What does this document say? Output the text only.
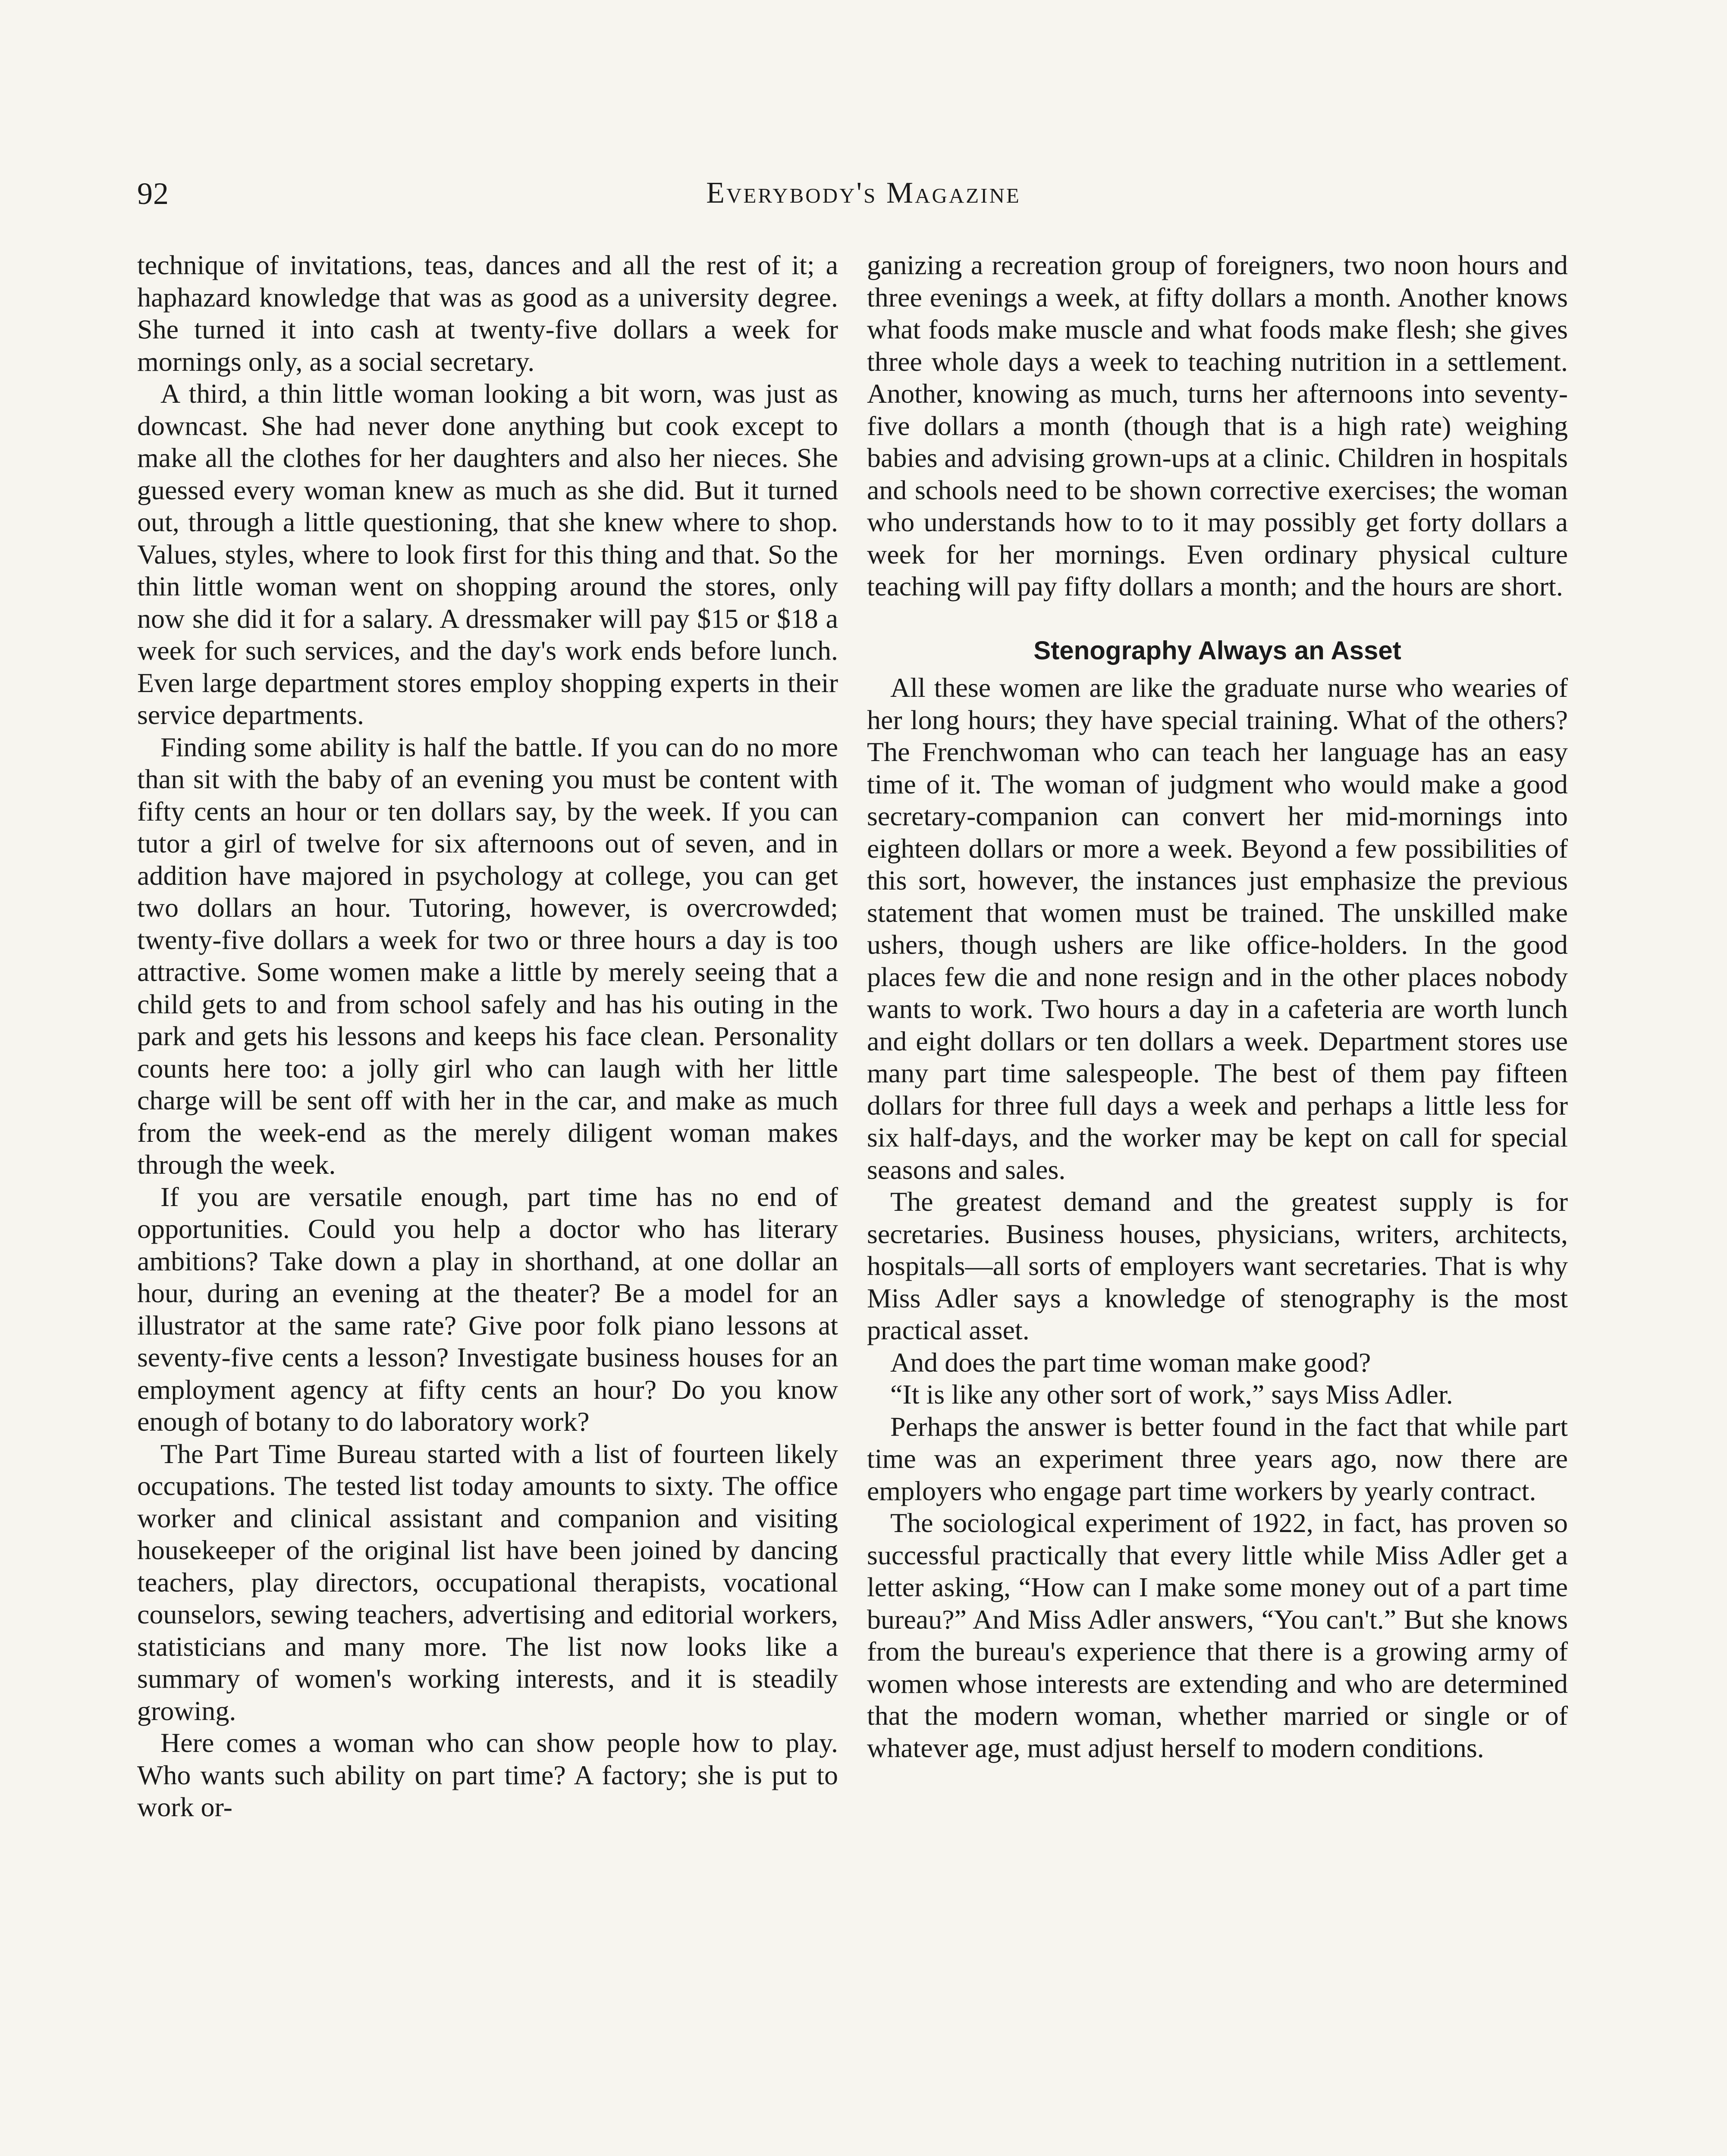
92	Everybody's Magazine

technique of invitations, teas, dances and all the rest of it; a haphazard knowledge that was as good as a university degree. She turned it into cash at twenty-five dollars a week for mornings only, as a social secretary.

A third, a thin little woman looking a bit worn, was just as downcast. She had never done anything but cook except to make all the clothes for her daughters and also her nieces. She guessed every woman knew as much as she did. But it turned out, through a little questioning, that she knew where to shop. Values, styles, where to look first for this thing and that. So the thin little woman went on shopping around the stores, only now she did it for a salary. A dressmaker will pay $15 or $18 a week for such services, and the day's work ends before lunch. Even large department stores employ shopping experts in their service departments.

Finding some ability is half the battle. If you can do no more than sit with the baby of an evening you must be content with fifty cents an hour or ten dollars say, by the week. If you can tutor a girl of twelve for six afternoons out of seven, and in addition have majored in psychology at college, you can get two dollars an hour. Tutoring, however, is overcrowded; twenty-five dollars a week for two or three hours a day is too attractive. Some women make a little by merely seeing that a child gets to and from school safely and has his outing in the park and gets his lessons and keeps his face clean. Personality counts here too: a jolly girl who can laugh with her little charge will be sent off with her in the car, and make as much from the week-end as the merely diligent woman makes through the week.

If you are versatile enough, part time has no end of opportunities. Could you help a doctor who has literary ambitions? Take down a play in shorthand, at one dollar an hour, during an evening at the theater? Be a model for an illustrator at the same rate? Give poor folk piano lessons at seventy-five cents a lesson? Investigate business houses for an employment agency at fifty cents an hour? Do you know enough of botany to do laboratory work?

The Part Time Bureau started with a list of fourteen likely occupations. The tested list today amounts to sixty. The office worker and clinical assistant and companion and visiting housekeeper of the original list have been joined by dancing teachers, play directors, occupational therapists, vocational counselors, sewing teachers, advertising and editorial workers, statisticians and many more. The list now looks like a summary of women's working interests, and it is steadily growing.

Here comes a woman who can show people how to play. Who wants such ability on part time? A factory; she is put to work or-

ganizing a recreation group of foreigners, two noon hours and three evenings a week, at fifty dollars a month. Another knows what foods make muscle and what foods make flesh; she gives three whole days a week to teaching nutrition in a settlement. Another, knowing as much, turns her afternoons into seventy-five dollars a month (though that is a high rate) weighing babies and advising grown-ups at a clinic. Children in hospitals and schools need to be shown corrective exercises; the woman who understands how to to it may possibly get forty dollars a week for her mornings. Even ordinary physical culture teaching will pay fifty dollars a month; and the hours are short.

Stenography Always an Asset

All these women are like the graduate nurse who wearies of her long hours; they have special training. What of the others? The Frenchwoman who can teach her language has an easy time of it. The woman of judgment who would make a good secretary-companion can convert her mid-mornings into eighteen dollars or more a week. Beyond a few possibilities of this sort, however, the instances just emphasize the previous statement that women must be trained. The unskilled make ushers, though ushers are like office-holders. In the good places few die and none resign and in the other places nobody wants to work. Two hours a day in a cafeteria are worth lunch and eight dollars or ten dollars a week. Department stores use many part time salespeople. The best of them pay fifteen dollars for three full days a week and perhaps a little less for six half-days, and the worker may be kept on call for special seasons and sales.

The greatest demand and the greatest supply is for secretaries. Business houses, physicians, writers, architects, hospitals—all sorts of employers want secretaries. That is why Miss Adler says a knowledge of stenography is the most practical asset.

And does the part time woman make good?

“It is like any other sort of work,” says Miss Adler.

Perhaps the answer is better found in the fact that while part time was an experiment three years ago, now there are employers who engage part time workers by yearly contract.

The sociological experiment of 1922, in fact, has proven so successful practically that every little while Miss Adler get a letter asking, “How can I make some money out of a part time bureau?” And Miss Adler answers, “You can't.” But she knows from the bureau's experience that there is a growing army of women whose interests are extending and who are determined that the modern woman, whether married or single or of whatever age, must adjust herself to modern conditions.
